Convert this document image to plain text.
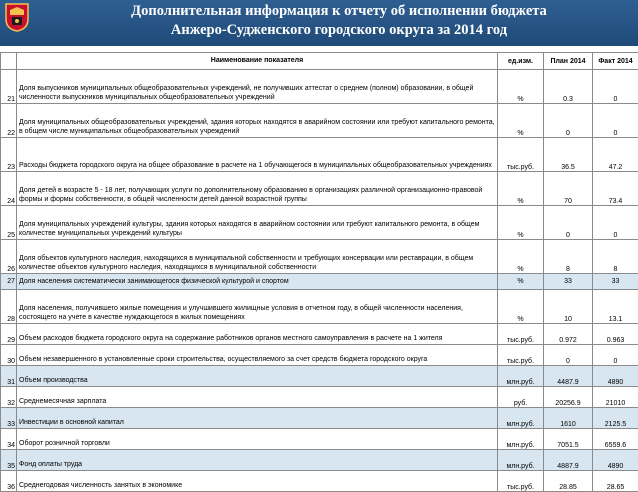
Дополнительная информация к отчету об исполнении бюджета
Анжеро-Судженского городского округа за 2014 год
	Наименование показателя	ед.изм.	План 2014	Факт 2014
21	Доля выпускников муниципальных общеобразовательных учреждений, не получивших аттестат о среднем (полном) образовании, в общей численности выпускников муниципальных общеобразовательных учреждений	%	0.3	0
22	Доля муниципальных общеобразовательных учреждений, здания которых находятся в аварийном состоянии или требуют капитального ремонта, в общем числе муниципальных общеобразовательных учреждений	%	0	0
23	Расходы бюджета городского округа на общее образование в расчете на 1 обучающегося в муниципальных общеобразовательных учреждениях	тыс.руб.	36.5	47.2
24	Доля детей в возрасте 5 - 18 лет, получающих услуги по дополнительному образованию в организациях различной организационно-правовой формы и формы собственности, в общей численности детей данной возрастной группы	%	70	73.4
25	Доля муниципальных учреждений культуры, здания которых находятся в аварийном состоянии или требуют капитального ремонта, в общем количестве муниципальных учреждений культуры	%	0	0
26	Доля объектов культурного наследия, находящихся в муниципальной собственности и требующих консервации или реставрации, в общем количестве объектов культурного наследия, находящихся в муниципальной собственности	%	8	8
27	Доля населения систематически занимающегося физической культурой и спортом	%	33	33
28	Доля населения, получившего жилые помещения и улучшившего жилищные условия в отчетном году, в общей численности населения, состоящего на учете в качестве нуждающегося в жилых помещениях	%	10	13.1
29	Объем расходов бюджета городского округа на содержание работников органов местного самоуправления в расчете на 1 жителя	тыс.руб.	0.972	0.963
30	Объем незавершенного в установленные сроки строительства, осуществляемого за счет средств бюджета городского округа	тыс.руб.	0	0
31	Объем производства	млн.руб.	4487.9	4890
32	Среднемесячная зарплата	руб.	20256.9	21010
33	Инвестиции в основной капитал	млн.руб.	1610	2125.5
34	Оборот розничной торговли	млн.руб.	7051.5	6559.6
35	Фонд оплаты труда	млн.руб.	4887.9	4890
36	Среднегодовая численность занятых в экономике	тыс.руб.	28.85	28.65
